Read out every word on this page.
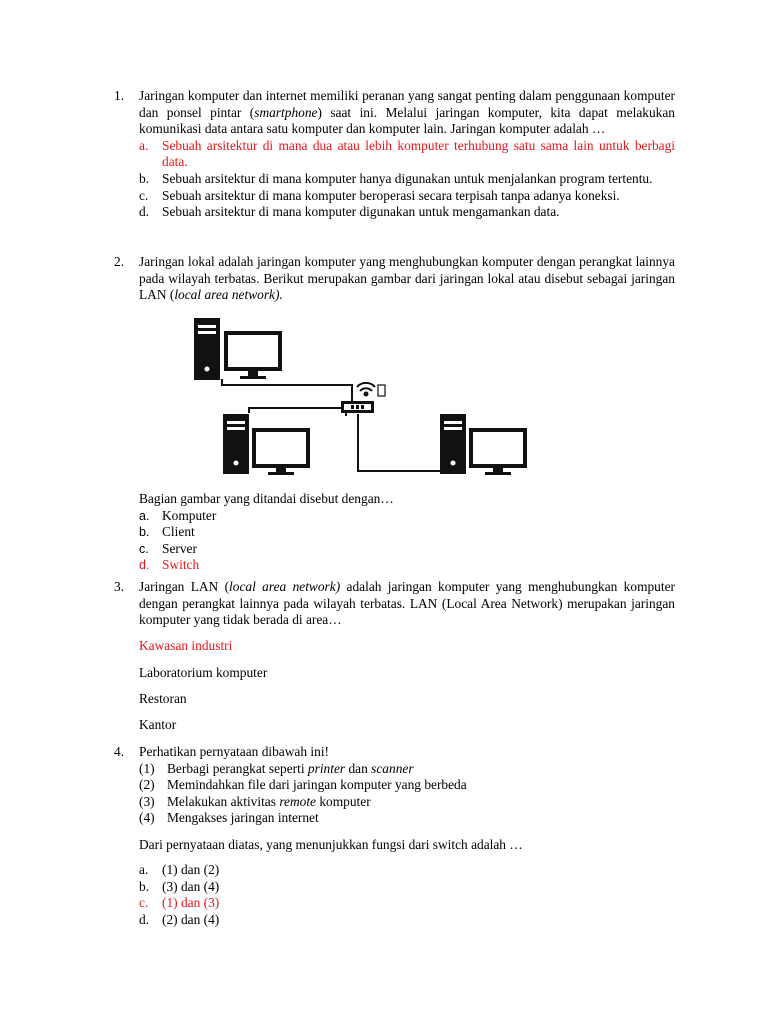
1.	Jaringan komputer dan internet memiliki peranan yang sangat penting dalam penggunaan komputer dan ponsel pintar (smartphone) saat ini. Melalui jaringan komputer, kita dapat melakukan komunikasi data antara satu komputer dan komputer lain. Jaringan komputer adalah …
a. Sebuah arsitektur di mana dua atau lebih komputer terhubung satu sama lain untuk berbagi data.
b. Sebuah arsitektur di mana komputer hanya digunakan untuk menjalankan program tertentu.
c. Sebuah arsitektur di mana komputer beroperasi secara terpisah tanpa adanya koneksi.
d. Sebuah arsitektur di mana komputer digunakan untuk mengamankan data.
2.	Jaringan lokal adalah jaringan komputer yang menghubungkan komputer dengan perangkat lainnya pada wilayah terbatas. Berikut merupakan gambar dari jaringan lokal atau disebut sebagai jaringan LAN (local area network).
Bagian gambar yang ditandai disebut dengan…
a. Komputer
b. Client
c. Server
d. Switch
3.	Jaringan LAN (local area network) adalah jaringan komputer yang menghubungkan komputer dengan perangkat lainnya pada wilayah terbatas. LAN (Local Area Network) merupakan jaringan komputer yang tidak berada di area…
Kawasan industri
Laboratorium komputer
Restoran
Kantor
4.	Perhatikan pernyataan dibawah ini!
(1) Berbagi perangkat seperti printer dan scanner
(2) Memindahkan file dari jaringan komputer yang berbeda
(3) Melakukan aktivitas remote komputer
(4) Mengakses jaringan internet
Dari pernyataan diatas, yang menunjukkan fungsi dari switch adalah …
a. (1) dan (2)
b. (3) dan (4)
c. (1) dan (3)
d. (2) dan (4)
